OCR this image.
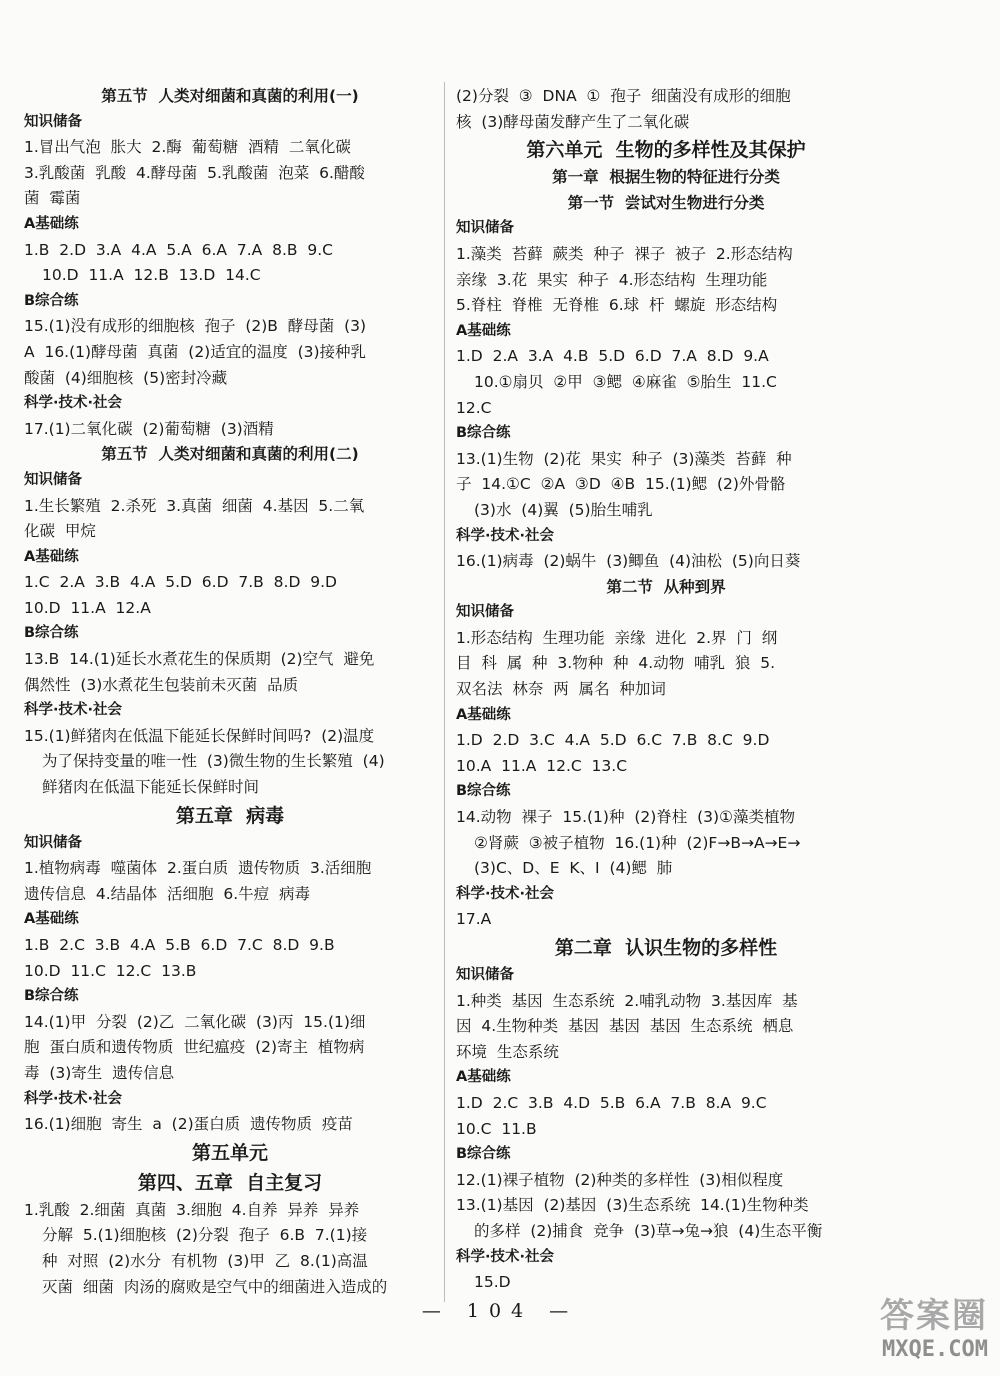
第五节  人类对细菌和真菌的利用(一)
知识储备
1.冒出气泡  胀大  2.酶  葡萄糖  酒精  二氧化碳
3.乳酸菌  乳酸  4.酵母菌  5.乳酸菌  泡菜  6.醋酸
菌  霉菌
A基础练
1.B  2.D  3.A  4.A  5.A  6.A  7.A  8.B  9.C
10.D  11.A  12.B  13.D  14.C
B综合练
15.(1)没有成形的细胞核  孢子  (2)B  酵母菌  (3)
A  16.(1)酵母菌  真菌  (2)适宜的温度  (3)接种乳
酸菌  (4)细胞核  (5)密封冷藏
科学·技术·社会
17.(1)二氧化碳  (2)葡萄糖  (3)酒精
第五节  人类对细菌和真菌的利用(二)
知识储备
1.生长繁殖  2.杀死  3.真菌  细菌  4.基因  5.二氧
化碳  甲烷
A基础练
1.C  2.A  3.B  4.A  5.D  6.D  7.B  8.D  9.D
10.D  11.A  12.A
B综合练
13.B  14.(1)延长水煮花生的保质期  (2)空气  避免
偶然性  (3)水煮花生包装前未灭菌  品质
科学·技术·社会
15.(1)鲜猪肉在低温下能延长保鲜时间吗?  (2)温度
为了保持变量的唯一性  (3)微生物的生长繁殖  (4)
鲜猪肉在低温下能延长保鲜时间
第五章  病毒
知识储备
1.植物病毒  噬菌体  2.蛋白质  遗传物质  3.活细胞
遗传信息  4.结晶体  活细胞  6.牛痘  病毒
A基础练
1.B  2.C  3.B  4.A  5.B  6.D  7.C  8.D  9.B
10.D  11.C  12.C  13.B
B综合练
14.(1)甲  分裂  (2)乙  二氧化碳  (3)丙  15.(1)细
胞  蛋白质和遗传物质  世纪瘟疫  (2)寄主  植物病
毒  (3)寄生  遗传信息
科学·技术·社会
16.(1)细胞  寄生  a  (2)蛋白质  遗传物质  疫苗
第五单元
第四、五章  自主复习
1.乳酸  2.细菌  真菌  3.细胞  4.自养  异养  异养
分解  5.(1)细胞核  (2)分裂  孢子  6.B  7.(1)接
种  对照  (2)水分  有机物  (3)甲  乙  8.(1)高温
灭菌  细菌  肉汤的腐败是空气中的细菌进入造成的
(2)分裂  ③  DNA  ①  孢子  细菌没有成形的细胞
核  (3)酵母菌发酵产生了二氧化碳
第六单元  生物的多样性及其保护
第一章  根据生物的特征进行分类
第一节  尝试对生物进行分类
知识储备
1.藻类  苔藓  蕨类  种子  裸子  被子  2.形态结构
亲缘  3.花  果实  种子  4.形态结构  生理功能
5.脊柱  脊椎  无脊椎  6.球  杆  螺旋  形态结构
A基础练
1.D  2.A  3.A  4.B  5.D  6.D  7.A  8.D  9.A
10.①扇贝  ②甲  ③鳃  ④麻雀  ⑤胎生  11.C
12.C
B综合练
13.(1)生物  (2)花  果实  种子  (3)藻类  苔藓  种
子  14.①C  ②A  ③D  ④B  15.(1)鳃  (2)外骨骼
(3)水  (4)翼  (5)胎生哺乳
科学·技术·社会
16.(1)病毒  (2)蜗牛  (3)鲫鱼  (4)油松  (5)向日葵
第二节  从种到界
知识储备
1.形态结构  生理功能  亲缘  进化  2.界  门  纲
目  科  属  种  3.物种  种  4.动物  哺乳  狼  5.
双名法  林奈  两  属名  种加词
A基础练
1.D  2.D  3.C  4.A  5.D  6.C  7.B  8.C  9.D
10.A  11.A  12.C  13.C
B综合练
14.动物  裸子  15.(1)种  (2)脊柱  (3)①藻类植物
②肾蕨  ③被子植物  16.(1)种  (2)F→B→A→E→
(3)C、D、E  K、I  (4)鳃  肺
科学·技术·社会
17.A
第二章  认识生物的多样性
知识储备
1.种类  基因  生态系统  2.哺乳动物  3.基因库  基
因  4.生物种类  基因  基因  基因  生态系统  栖息
环境  生态系统
A基础练
1.D  2.C  3.B  4.D  5.B  6.A  7.B  8.A  9.C
10.C  11.B
B综合练
12.(1)裸子植物  (2)种类的多样性  (3)相似程度
13.(1)基因  (2)基因  (3)生态系统  14.(1)生物种类
的多样  (2)捕食  竞争  (3)草→兔→狼  (4)生态平衡
科学·技术·社会
15.D
— 104 —	答案圈
MXQE.COM
